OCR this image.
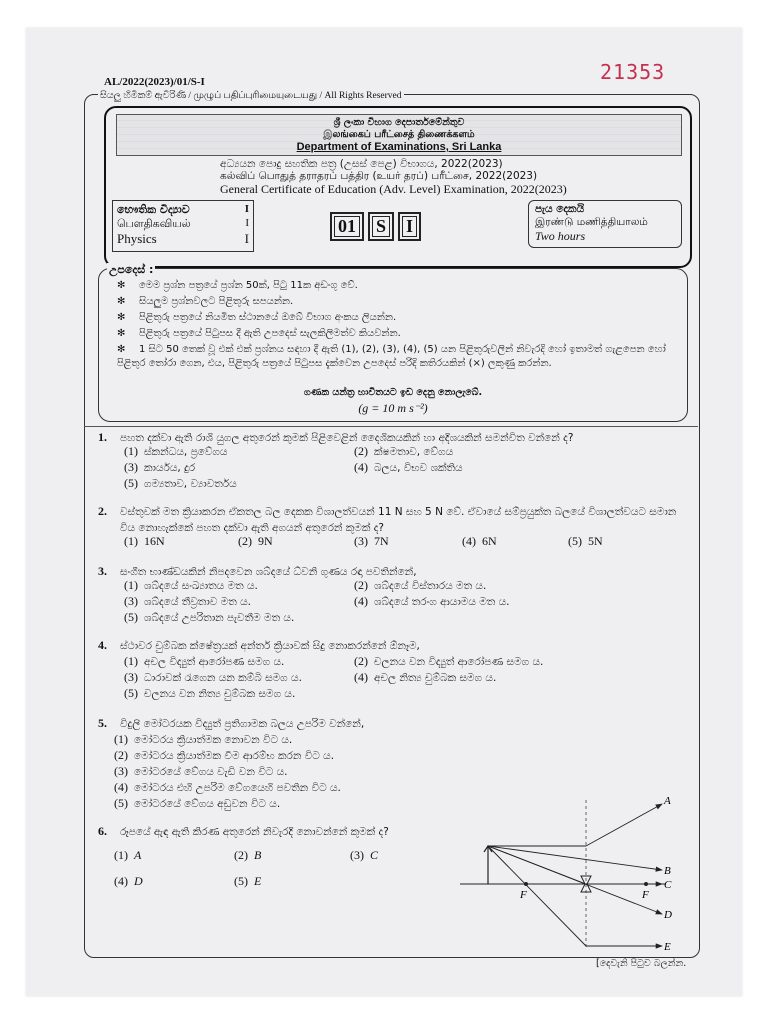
AL/2022(2023)/01/S-I	21353
සියලු හිමිකම් ඇවිරිණි / முழுப் பதிப்புரிமையுடையது / All Rights Reserved
ශ්‍රී ලංකා විභාග දෙපාර්තමේන්තුව
இலங்கைப் பரீட்சைத் திணைக்களம்
Department of Examinations, Sri Lanka
අධ්‍යයන පොදු සහතික පත්‍ර (උසස් පෙළ) විභාගය, 2022(2023)
கல்விப் பொதுத் தராதரப் பத்திர (உயர் தரப்) பரீட்சை, 2022(2023)
General Certificate of Education (Adv. Level) Examination, 2022(2023)
භෞතික විද්‍යාව	I
பௌதிகவியல்	I
Physics	I
01 S I
පැය දෙකයි
இரண்டு மணித்தியாலம்
Two hours
උපදෙස් :
✻ මෙම ප්‍රශ්න පත්‍රයේ ප්‍රශ්න 50ක්, පිටු 11ක අඩංගු වේ.
✻ සියලුම ප්‍රශ්නවලට පිළිතුරු සපයන්න.
✻ පිළිතුරු පත්‍රයේ නියමිත ස්ථානයේ ඔබේ විභාග අංකය ලියන්න.
✻ පිළිතුරු පත්‍රයේ පිටුපස දී ඇති උපදෙස් සැලකිලිමත්ව කියවන්න.
✻ 1 සිට 50 තෙක් වූ එක් එක් ප්‍රශ්නය සඳහා දී ඇති (1), (2), (3), (4), (5) යන පිළිතුරුවලින් නිවැරදි හෝ ඉතාමත් ගැළපෙන හෝ පිළිතුර තෝරා ගෙන, එය, පිළිතුරු පත්‍රයේ පිටුපස දැක්වෙන උපදෙස් පරිදි කතිරයකින් (×) ලකුණු කරන්න.
ගණක යන්ත්‍ර භාවිතයට ඉඩ දෙනු නොලැබේ.
(g = 10 m s⁻²)
1. පහත දක්වා ඇති රාශි යුගල අතුරෙන් කුමක් පිළිවෙළින් දෛශිකයකින් හා අදිශයකින් සමන්විත වන්නේ ද?
(1) ස්කන්ධය, ප්‍රවේගය	(2) ක්ෂමතාව, වේගය
(3) කාර්යය, දුර	(4) බලය, විභව ශක්තිය
(5) ගම්‍යතාව, ව්‍යාවර්තය
2. වස්තුවක් මත ක්‍රියාකරන ඒකතල බල දෙකක විශාලත්වයන් 11 N සහ 5 N වේ. ඒවායේ සම්ප්‍රයුක්ත බලයේ විශාලත්වයට සමාන විය නොහැක්කේ පහත දක්වා ඇති අගයන් අතුරෙන් කුමක් ද?
(1) 16N	(2) 9N	(3) 7N	(4) 6N	(5) 5N
3. සංගීත භාණ්ඩයකින් නිපදවෙන ශබ්දයේ ධ්වනි ගුණය රඳා පවතින්නේ,
(1) ශබ්දයේ සංඛ්‍යාතය මත ය.	(2) ශබ්දයේ විස්තාරය මත ය.
(3) ශබ්දයේ තීව්‍රතාව මත ය.	(4) ශබ්දයේ තරංග ආයාමය මත ය.
(5) ශබ්දයේ උපරිතාන පැවතීම මත ය.
4. ස්ථාවර චුම්බක ක්ෂේත්‍රයක් අන්තර් ක්‍රියාවක් සිදු නොකරන්නේ ඕනෑම,
(1) අචල විද්‍යුත් ආරෝපණ සමග ය.	(2) චලනය වන විද්‍යුත් ආරෝපණ සමග ය.
(3) ධාරාවක් රැගෙන යන කම්බි සමග ය.	(4) අචල නිත්‍ය චුම්බක සමග ය.
(5) චලනය වන නිත්‍ය චුම්බක සමග ය.
5. විදුලි මෝටරයක විද්‍යුත් ප්‍රතිගාමක බලය උපරිම වන්නේ,
(1) මෝටරය ක්‍රියාත්මක නොවන විට ය.
(2) මෝටරය ක්‍රියාත්මක වීම ආරම්භ කරන විට ය.
(3) මෝටරයේ වේගය වැඩි වන විට ය.
(4) මෝටරය එහි උපරිම වේගයෙහි පවතින විට ය.
(5) මෝටරයේ වේගය අඩුවන විට ය.
6. රූපයේ ඇඳ ඇති කිරණ අතුරෙන් නිවැරදි නොවන්නේ කුමක් ද?
(1) A	(2) B	(3) C
(4) D	(5) E
A
B
C
D
E
F	F
[දෙවැනි පිටුව බලන්න.
